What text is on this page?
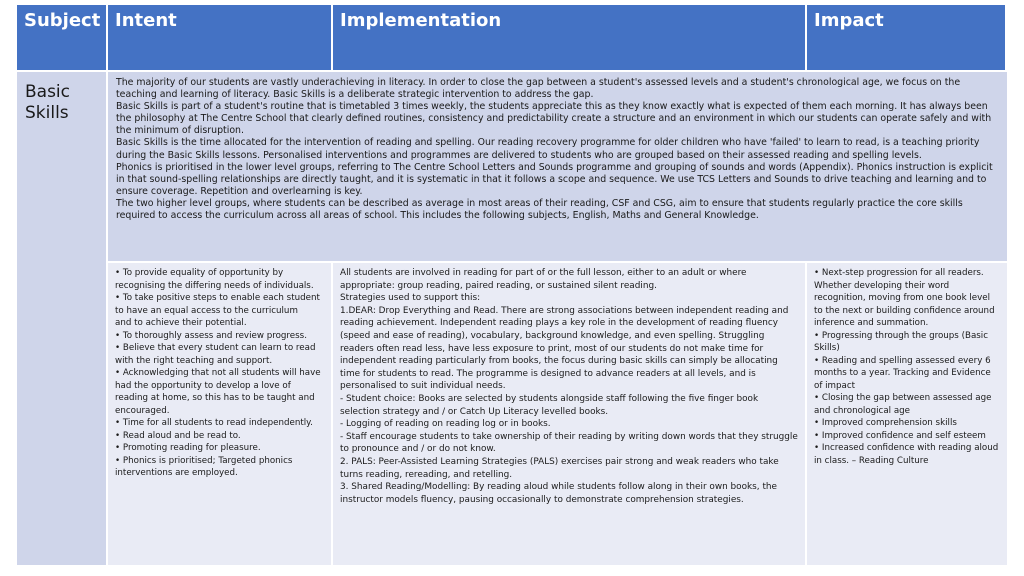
Subject Intent	Implementation	Impact
Basic Skills

The majority of our students are vastly underachieving in literacy. In order to close the gap between a student's assessed levels and a student's chronological age, we focus on the teaching and learning of literacy. Basic Skills is a deliberate strategic intervention to address the gap.

Basic Skills is part of a student's routine that is timetabled 3 times weekly, the students appreciate this as they know exactly what is expected of them each morning. It has always been the philosophy at The Centre School that clearly defined routines, consistency and predictability create a structure and an environment in which our students can operate safely and with the minimum of disruption.

Basic Skills is the time allocated for the intervention of reading and spelling. Our reading recovery programme for older children who have 'failed' to learn to read, is a teaching priority during the Basic Skills lessons. Personalised interventions and programmes are delivered to students who are grouped based on their assessed reading and spelling levels.

Phonics is prioritised in the lower level groups, referring to The Centre School Letters and Sounds programme and grouping of sounds and words (Appendix). Phonics instruction is explicit in that sound-spelling relationships are directly taught, and it is systematic in that it follows a scope and sequence. We use TCS Letters and Sounds to drive teaching and learning and to ensure coverage. Repetition and overlearning is key.

The two higher level groups, where students can be described as average in most areas of their reading, CSF and CSG, aim to ensure that students regularly practice the core skills required to access the curriculum across all areas of school. This includes the following subjects, English, Maths and General Knowledge.

• To provide equality of opportunity by recognising the differing needs of individuals.

• To take positive steps to enable each student to have an equal access to the curriculum

and to achieve their potential.

• To thoroughly assess and review progress.

• Believe that every student can learn to read with the right teaching and support.

• Acknowledging that not all students will have had the opportunity to develop a love of reading at home, so this has to be taught and encouraged.

• Time for all students to read independently.

• Read aloud and be read to.

• Promoting reading for pleasure.

• Phonics is prioritised; Targeted phonics interventions are employed.

All students are involved in reading for part of or the full lesson, either to an adult or where appropriate: group reading, paired reading, or sustained silent reading.

Strategies used to support this:

1.DEAR: Drop Everything and Read. There are strong associations between independent reading and reading achievement. Independent reading plays a key role in the development of reading fluency (speed and ease of reading), vocabulary, background knowledge, and even spelling. Struggling readers often read less, have less exposure to print, most of our students do not make time for independent reading particularly from books, the focus during basic skills can simply be allocating time for students to read. The programme is designed to advance readers at all levels, and is personalised to suit individual needs.

- Student choice: Books are selected by students alongside staff following the five finger book selection strategy and / or Catch Up Literacy levelled books.

- Logging of reading on reading log or in books.

- Staff encourage students to take ownership of their reading by writing down words that they struggle to pronounce and / or do not know.

2. PALS: Peer-Assisted Learning Strategies (PALS) exercises pair strong and weak readers who take turns reading, rereading, and retelling.

3. Shared Reading/Modelling: By reading aloud while students follow along in their own books, the instructor models fluency, pausing occasionally to demonstrate comprehension strategies.

• Next-step progression for all readers. Whether developing their word recognition, moving from one book level to the next or building confidence around inference and summation.

• Progressing through the groups (Basic Skills)

• Reading and spelling assessed every 6 months to a year. Tracking and Evidence of impact

• Closing the gap between assessed age and chronological age

• Improved comprehension skills

• Improved confidence and self esteem

• Increased confidence with reading aloud in class. – Reading Culture
